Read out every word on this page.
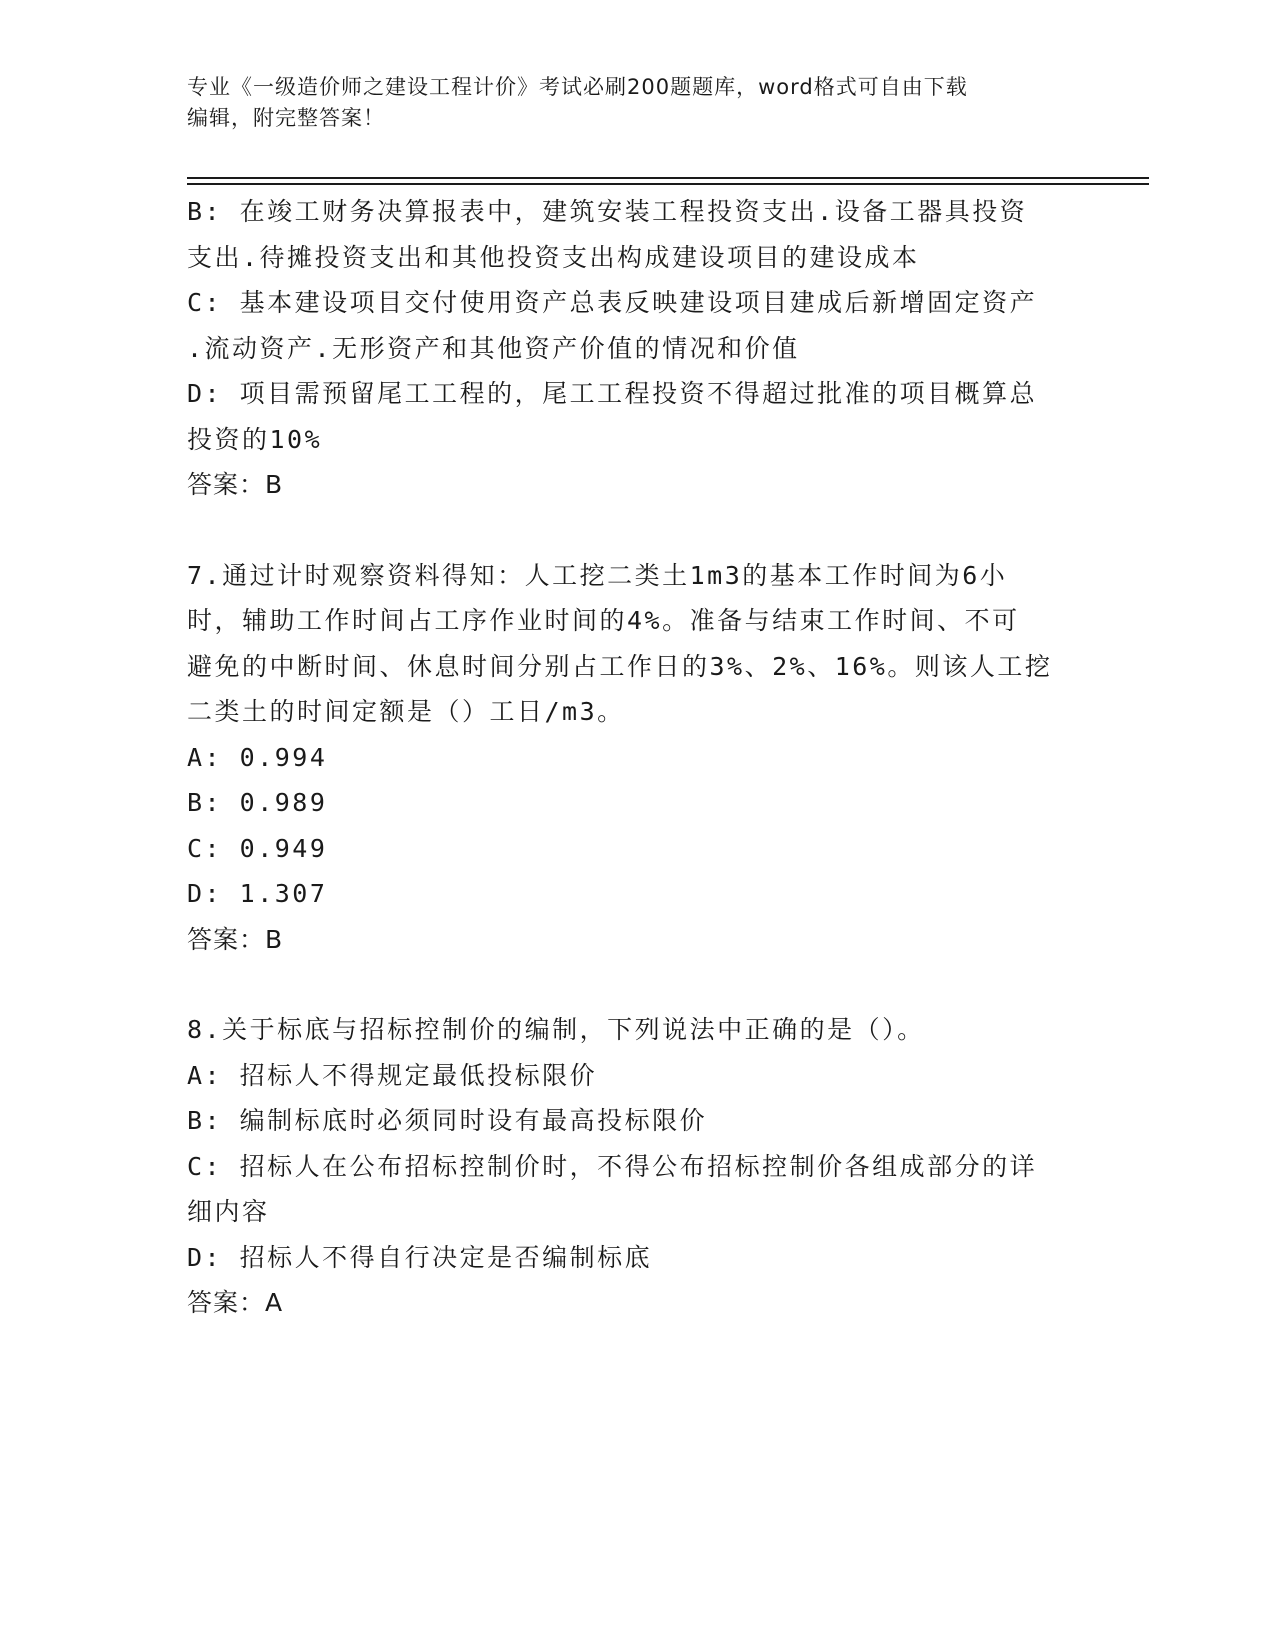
专业《一级造价师之建设工程计价》考试必刷200题题库，word格式可自由下载
编辑，附完整答案！
B: 在竣工财务决算报表中，建筑安装工程投资支出.设备工器具投资
支出.待摊投资支出和其他投资支出构成建设项目的建设成本
C: 基本建设项目交付使用资产总表反映建设项目建成后新增固定资产
.流动资产.无形资产和其他资产价值的情况和价值
D: 项目需预留尾工工程的，尾工工程投资不得超过批准的项目概算总
投资的10%
答案：B
7.通过计时观察资料得知：人工挖二类土1m3的基本工作时间为6小
时，辅助工作时间占工序作业时间的4%。准备与结束工作时间、不可
避免的中断时间、休息时间分别占工作日的3%、2%、16%。则该人工挖
二类土的时间定额是（）工日/m3。
A: 0.994
B: 0.989
C: 0.949
D: 1.307
答案：B
8.关于标底与招标控制价的编制，下列说法中正确的是（）。
A: 招标人不得规定最低投标限价
B: 编制标底时必须同时设有最高投标限价
C: 招标人在公布招标控制价时，不得公布招标控制价各组成部分的详
细内容
D: 招标人不得自行决定是否编制标底
答案：A
